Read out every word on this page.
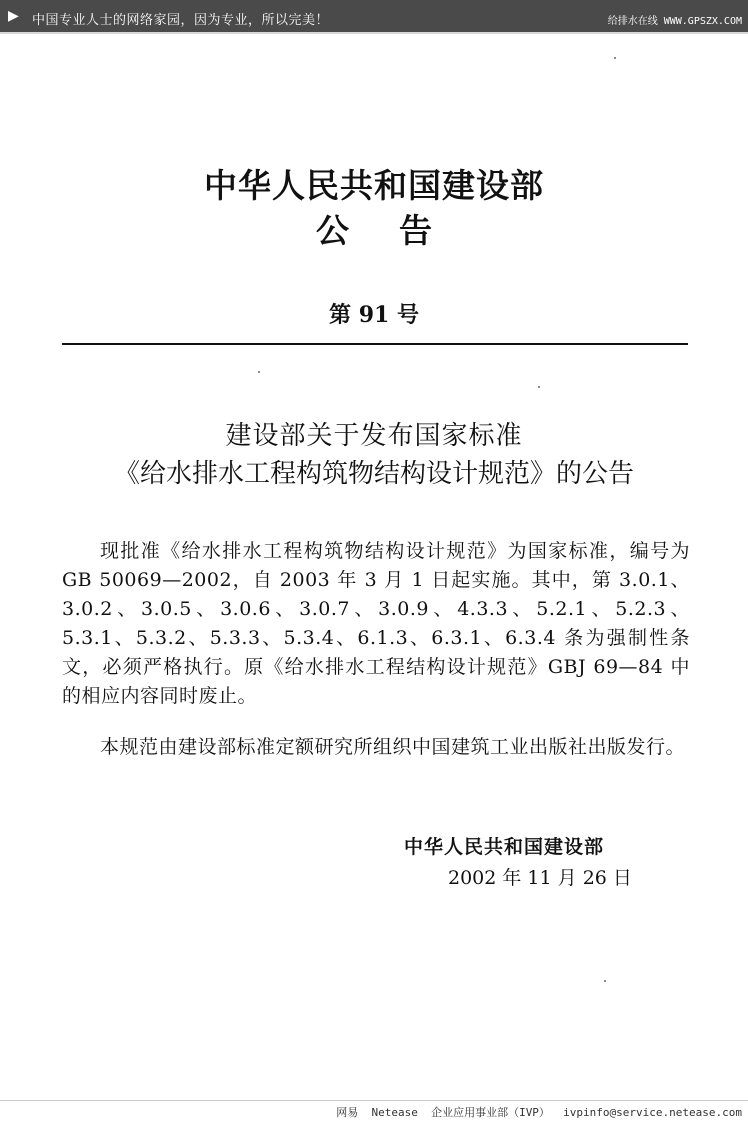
▶ 中国专业人士的网络家园，因为专业，所以完美！	给排水在线 WWW.GPSZX.COM
中华人民共和国建设部
公告
第 91 号
建设部关于发布国家标准
《给水排水工程构筑物结构设计规范》的公告
现批准《给水排水工程构筑物结构设计规范》为国家标准，编号为 GB 50069—2002，自 2003 年 3 月 1 日起实施。其中，第 3.0.1、3.0.2、3.0.5、3.0.6、3.0.7、3.0.9、4.3.3、5.2.1、5.2.3、5.3.1、5.3.2、5.3.3、5.3.4、6.1.3、6.3.1、6.3.4 条为强制性条文，必须严格执行。原《给水排水工程结构设计规范》GBJ 69—84 中的相应内容同时废止。
本规范由建设部标准定额研究所组织中国建筑工业出版社出版发行。
中华人民共和国建设部
2002 年 11 月 26 日
网易  Netease  企业应用事业部（IVP）  ivpinfo@service.netease.com
